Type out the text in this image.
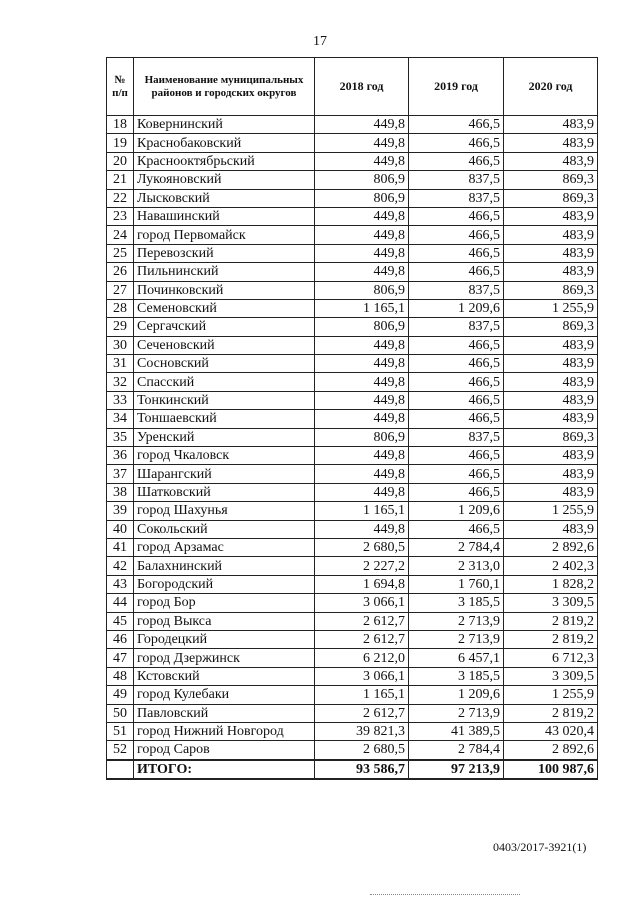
17
№ п/п	Наименование муниципальных районов и городских округов	2018 год	2019 год	2020 год
18	Ковернинский	449,8	466,5	483,9
19	Краснобаковский	449,8	466,5	483,9
20	Краснооктябрьский	449,8	466,5	483,9
21	Лукояновский	806,9	837,5	869,3
22	Лысковский	806,9	837,5	869,3
23	Навашинский	449,8	466,5	483,9
24	город Первомайск	449,8	466,5	483,9
25	Перевозский	449,8	466,5	483,9
26	Пильнинский	449,8	466,5	483,9
27	Починковский	806,9	837,5	869,3
28	Семеновский	1 165,1	1 209,6	1 255,9
29	Сергачский	806,9	837,5	869,3
30	Сеченовский	449,8	466,5	483,9
31	Сосновский	449,8	466,5	483,9
32	Спасский	449,8	466,5	483,9
33	Тонкинский	449,8	466,5	483,9
34	Тоншаевский	449,8	466,5	483,9
35	Уренский	806,9	837,5	869,3
36	город Чкаловск	449,8	466,5	483,9
37	Шарангский	449,8	466,5	483,9
38	Шатковский	449,8	466,5	483,9
39	город Шахунья	1 165,1	1 209,6	1 255,9
40	Сокольский	449,8	466,5	483,9
41	город Арзамас	2 680,5	2 784,4	2 892,6
42	Балахнинский	2 227,2	2 313,0	2 402,3
43	Богородский	1 694,8	1 760,1	1 828,2
44	город Бор	3 066,1	3 185,5	3 309,5
45	город Выкса	2 612,7	2 713,9	2 819,2
46	Городецкий	2 612,7	2 713,9	2 819,2
47	город Дзержинск	6 212,0	6 457,1	6 712,3
48	Кстовский	3 066,1	3 185,5	3 309,5
49	город Кулебаки	1 165,1	1 209,6	1 255,9
50	Павловский	2 612,7	2 713,9	2 819,2
51	город Нижний Новгород	39 821,3	41 389,5	43 020,4
52	город Саров	2 680,5	2 784,4	2 892,6
	ИТОГО:	93 586,7	97 213,9	100 987,6
0403/2017-3921(1)
